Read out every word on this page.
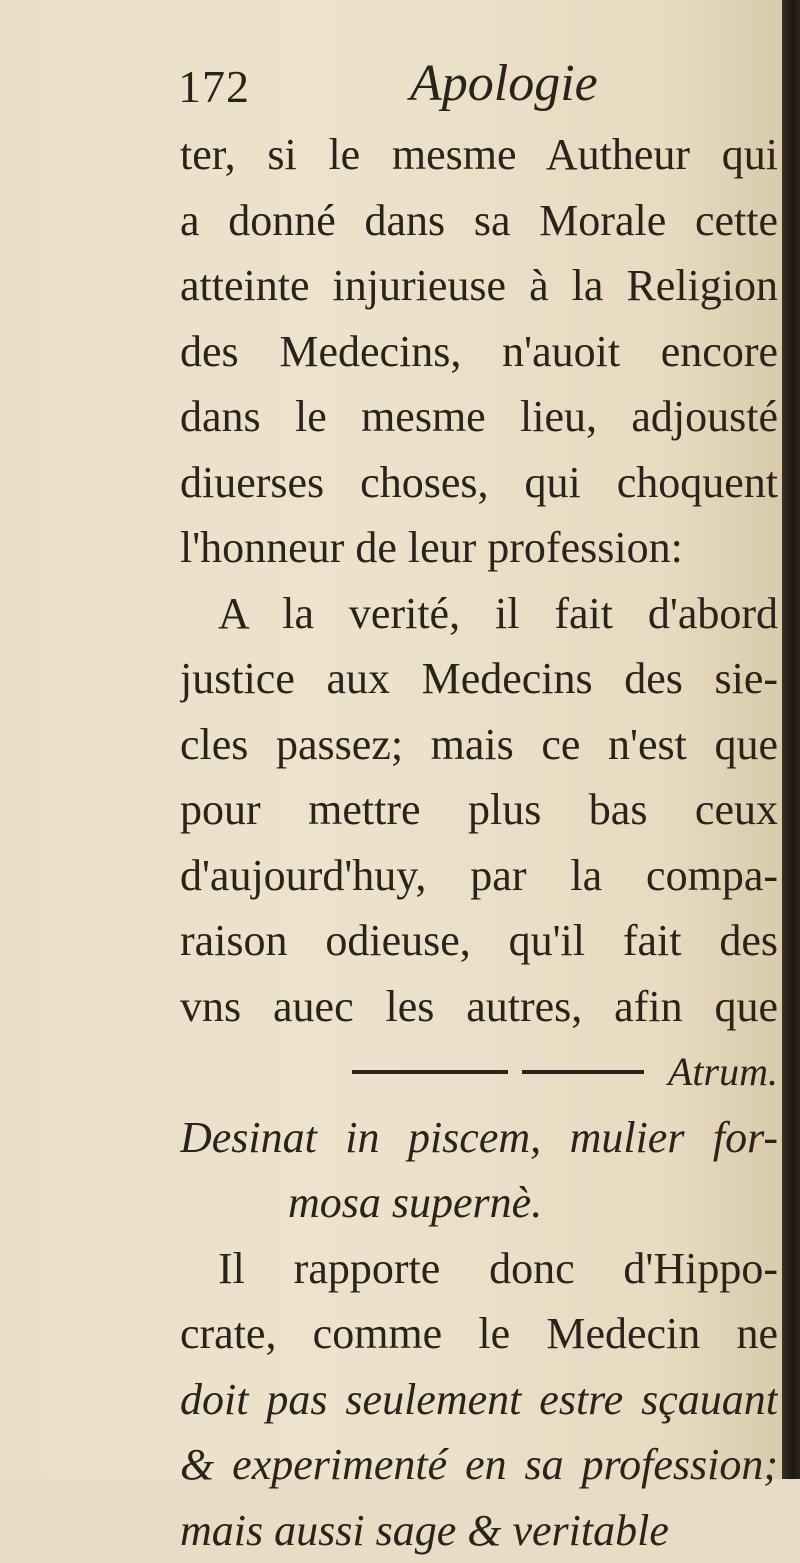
172	Apologie
ter, si le mesme Autheur qui
a donné dans sa Morale cette
atteinte injurieuse à la Religion
des Medecins, n'auoit encore
dans le mesme lieu, adjousté
diuerses choses, qui choquent
l'honneur de leur profession:
A la verité, il fait d'abord
justice aux Medecins des sie-
cles passez; mais ce n'est que
pour mettre plus bas ceux
d'aujourd'huy, par la compa-
raison odieuse, qu'il fait des
vns auec les autres, afin que
Atrum.
Desinat in piscem, mulier for-
mosa supernè.
Il rapporte donc d'Hippo-
crate, comme le Medecin ne
doit pas seulement estre sçauant
& experimenté en sa profession;
mais aussi sage & veritable
